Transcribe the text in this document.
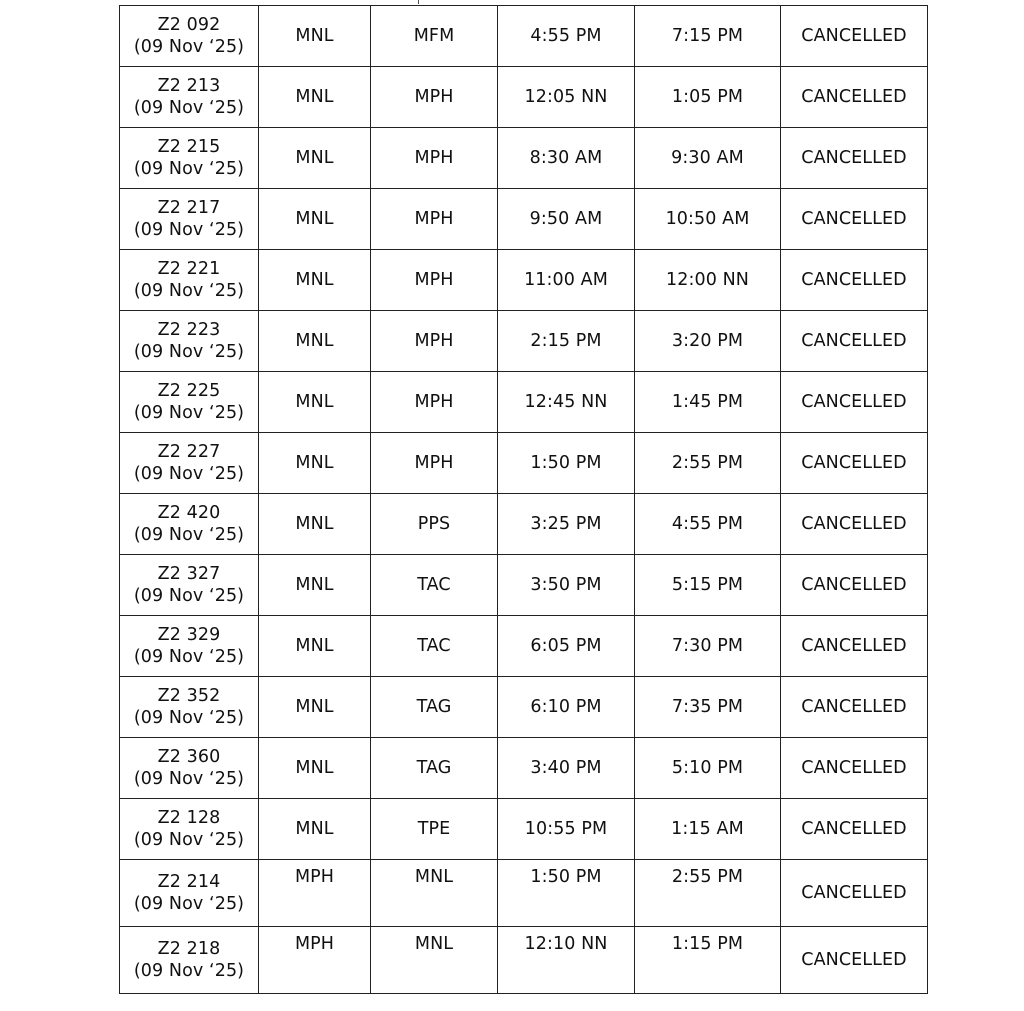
Z2 092
(09 Nov ‘25)	MNL	MFM	4:55 PM	7:15 PM	CANCELLED

Z2 213
(09 Nov ‘25)	MNL	MPH	12:05 NN	1:05 PM	CANCELLED

Z2 215
(09 Nov ‘25)	MNL	MPH	8:30 AM	9:30 AM	CANCELLED

Z2 217
(09 Nov ‘25)	MNL	MPH	9:50 AM	10:50 AM	CANCELLED

Z2 221
(09 Nov ‘25)	MNL	MPH	11:00 AM	12:00 NN	CANCELLED

Z2 223
(09 Nov ‘25)	MNL	MPH	2:15 PM	3:20 PM	CANCELLED

Z2 225
(09 Nov ‘25)	MNL	MPH	12:45 NN	1:45 PM	CANCELLED

Z2 227
(09 Nov ‘25)	MNL	MPH	1:50 PM	2:55 PM	CANCELLED

Z2 420
(09 Nov ‘25)	MNL	PPS	3:25 PM	4:55 PM	CANCELLED

Z2 327
(09 Nov ‘25)	MNL	TAC	3:50 PM	5:15 PM	CANCELLED

Z2 329
(09 Nov ‘25)	MNL	TAC	6:05 PM	7:30 PM	CANCELLED

Z2 352
(09 Nov ‘25)	MNL	TAG	6:10 PM	7:35 PM	CANCELLED

Z2 360
(09 Nov ‘25)	MNL	TAG	3:40 PM	5:10 PM	CANCELLED

Z2 128
(09 Nov ‘25)	MNL	TPE	10:55 PM	1:15 AM	CANCELLED

Z2 214
(09 Nov ‘25)	MPH	MNL	1:50 PM	2:55 PM	CANCELLED

Z2 218
(09 Nov ‘25)	MPH	MNL	12:10 NN	1:15 PM	CANCELLED
